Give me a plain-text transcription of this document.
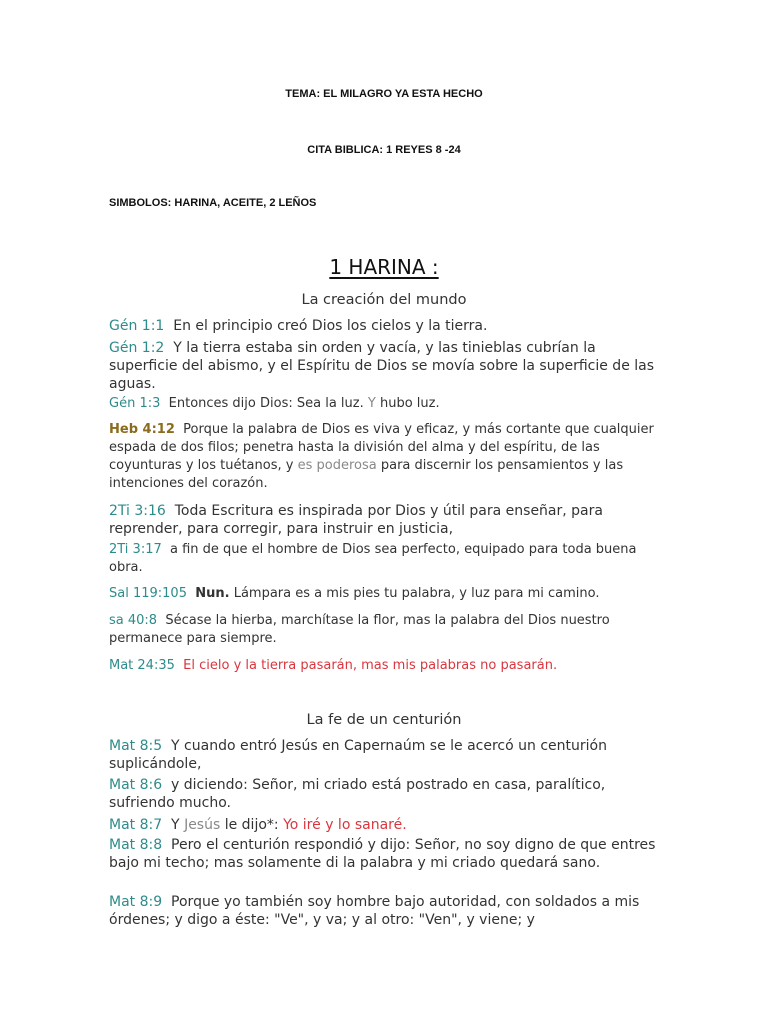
TEMA: EL MILAGRO YA ESTA HECHO
CITA BIBLICA: 1 REYES 8 -24
SIMBOLOS: HARINA, ACEITE, 2 LEÑOS
1 HARINA :
La creación del mundo
Gén 1:1 En el principio creó Dios los cielos y la tierra.
Gén 1:2 Y la tierra estaba sin orden y vacía, y las tinieblas cubrían la superficie del abismo, y el Espíritu de Dios se movía sobre la superficie de las aguas.
Gén 1:3 Entonces dijo Dios: Sea la luz. Y hubo luz.
Heb 4:12 Porque la palabra de Dios es viva y eficaz, y más cortante que cualquier espada de dos filos; penetra hasta la división del alma y del espíritu, de las coyunturas y los tuétanos, y es poderosa para discernir los pensamientos y las intenciones del corazón.
2Ti 3:16 Toda Escritura es inspirada por Dios y útil para enseñar, para reprender, para corregir, para instruir en justicia,
2Ti 3:17 a fin de que el hombre de Dios sea perfecto, equipado para toda buena obra.
Sal 119:105 Nun. Lámpara es a mis pies tu palabra, y luz para mi camino.
sa 40:8 Sécase la hierba, marchítase la flor, mas la palabra del Dios nuestro permanece para siempre.
Mat 24:35 El cielo y la tierra pasarán, mas mis palabras no pasarán.
La fe de un centurión
Mat 8:5 Y cuando entró Jesús en Capernaúm se le acercó un centurión suplicándole,
Mat 8:6 y diciendo: Señor, mi criado está postrado en casa, paralítico, sufriendo mucho.
Mat 8:7 Y Jesús le dijo*: Yo iré y lo sanaré.
Mat 8:8 Pero el centurión respondió y dijo: Señor, no soy digno de que entres bajo mi techo; mas solamente di la palabra y mi criado quedará sano.
Mat 8:9 Porque yo también soy hombre bajo autoridad, con soldados a mis órdenes; y digo a éste: "Ve", y va; y al otro: "Ven", y viene; y
